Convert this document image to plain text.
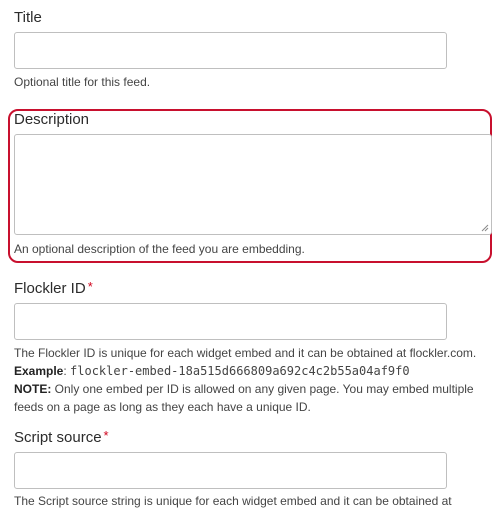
Title
Optional title for this feed.
Description
An optional description of the feed you are embedding.
Flockler ID *
The Flockler ID is unique for each widget embed and it can be obtained at flockler.com.
Example: flockler-embed-18a515d666809a692c4c2b55a04af9f0
NOTE: Only one embed per ID is allowed on any given page. You may embed multiple feeds on a page as long as they each have a unique ID.
Script source *
The Script source string is unique for each widget embed and it can be obtained at
